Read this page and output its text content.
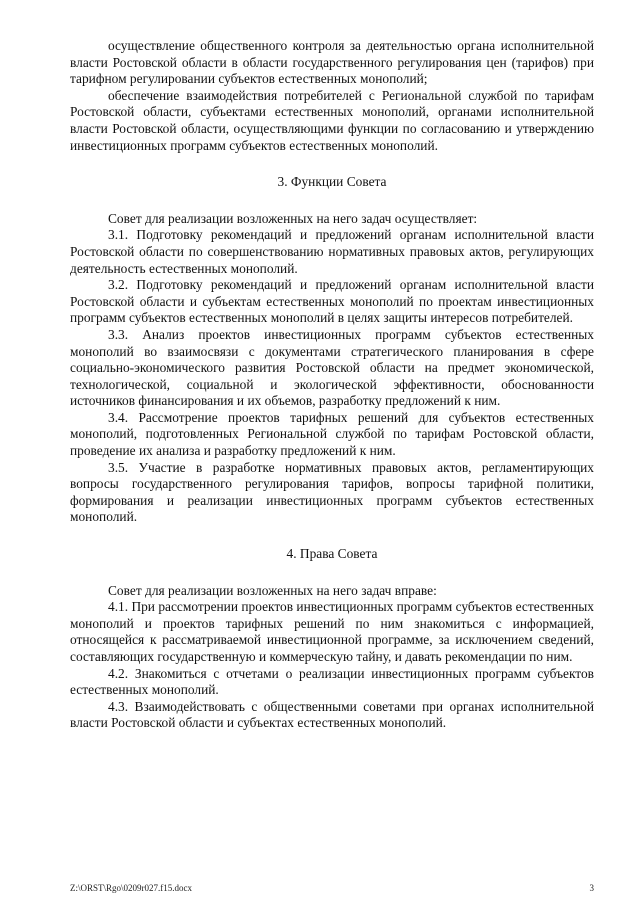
осуществление общественного контроля за деятельностью органа исполнительной власти Ростовской области в области государственного регулирования цен (тарифов) при тарифном регулировании субъектов естественных монополий;

обеспечение взаимодействия потребителей с Региональной службой по тарифам Ростовской области, субъектами естественных монополий, органами исполнительной власти Ростовской области, осуществляющими функции по согласованию и утверждению инвестиционных программ субъектов естественных монополий.

3. Функции Совета

Совет для реализации возложенных на него задач осуществляет:

3.1. Подготовку рекомендаций и предложений органам исполнительной власти Ростовской области по совершенствованию нормативных правовых актов, регулирующих деятельность естественных монополий.

3.2. Подготовку рекомендаций и предложений органам исполнительной власти Ростовской области и субъектам естественных монополий по проектам инвестиционных программ субъектов естественных монополий в целях защиты интересов потребителей.

3.3. Анализ проектов инвестиционных программ субъектов естественных монополий во взаимосвязи с документами стратегического планирования в сфере социально-экономического развития Ростовской области на предмет экономической, технологической, социальной и экологической эффективности, обоснованности источников финансирования и их объемов, разработку предложений к ним.

3.4. Рассмотрение проектов тарифных решений для субъектов естественных монополий, подготовленных Региональной службой по тарифам Ростовской области, проведение их анализа и разработку предложений к ним.

3.5. Участие в разработке нормативных правовых актов, регламентирующих вопросы государственного регулирования тарифов, вопросы тарифной политики, формирования и реализации инвестиционных программ субъектов естественных монополий.

4. Права Совета

Совет для реализации возложенных на него задач вправе:

4.1. При рассмотрении проектов инвестиционных программ субъектов естественных монополий и проектов тарифных решений по ним знакомиться с информацией, относящейся к рассматриваемой инвестиционной программе, за исключением сведений, составляющих государственную и коммерческую тайну, и давать рекомендации по ним.

4.2. Знакомиться с отчетами о реализации инвестиционных программ субъектов естественных монополий.

4.3. Взаимодействовать с общественными советами при органах исполнительной власти Ростовской области и субъектах естественных монополий.

Z:\ORST\Rgo\0209r027.f15.docx	3
